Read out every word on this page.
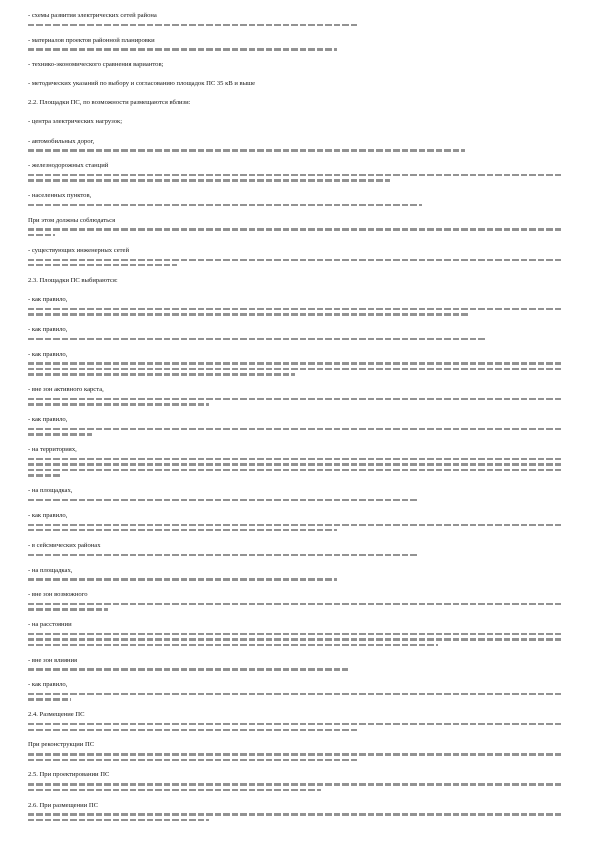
- схемы развития электрических сетей района
- материалов проектов районной планировки
- технико-экономического сравнения вариантов;
- методических указаний по выбору и согласованию площадок ПС 35 кВ и выше
2.2. Площадки ПС, по возможности размещаются вблизи:
- центра электрических нагрузок;
- автомобильных дорог,
- железнодорожных станций
- населенных пунктов,
При этом должны соблюдаться
- существующих инженерных сетей
2.3. Площадки ПС выбираются:
- как правило,
- как правило,
- как правило,
- вне зон активного карста,
- как правило,
- на территориях,
- на площадках,
- как правило,
- в сейсмических районах
- на площадках,
- вне зон возможного
- на расстоянии
- вне зон влияния
- как правило,
2.4. Размещение ПС
При реконструкции ПС
2.5. При проектировании ПС
2.6. При размещении ПС
